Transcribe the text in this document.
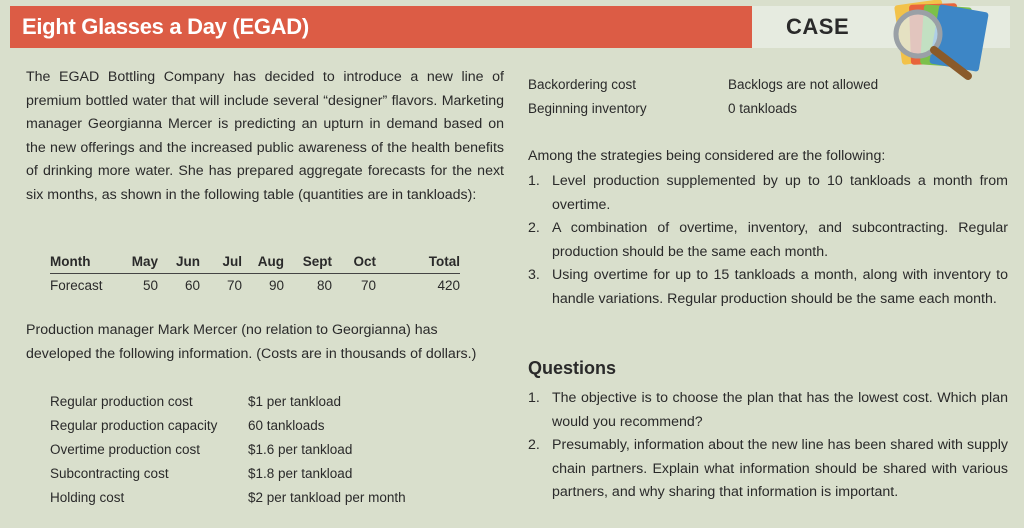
Eight Glasses a Day (EGAD)	CASE

The EGAD Bottling Company has decided to introduce a new line of premium bottled water that will include several “designer” flavors. Marketing manager Georgianna Mercer is predicting an upturn in demand based on the new offerings and the increased public awareness of the health benefits of drinking more water. She has prepared aggregate forecasts for the next six months, as shown in the following table (quantities are in tankloads):

Month	May	Jun	Jul	Aug	Sept	Oct	Total
Forecast	50	60	70	90	80	70	420

Production manager Mark Mercer (no relation to Georgianna) has developed the following information. (Costs are in thousands of dollars.)

Regular production cost	$1 per tankload
Regular production capacity	60 tankloads
Overtime production cost	$1.6 per tankload
Subcontracting cost	$1.8 per tankload
Holding cost	$2 per tankload per month
Backordering cost	Backlogs are not allowed
Beginning inventory	0 tankloads

Among the strategies being considered are the following:

1. Level production supplemented by up to 10 tankloads a month from overtime.
2. A combination of overtime, inventory, and subcontracting. Regular production should be the same each month.
3. Using overtime for up to 15 tankloads a month, along with inventory to handle variations. Regular production should be the same each month.
Questions
1. The objective is to choose the plan that has the lowest cost. Which plan would you recommend?
2. Presumably, information about the new line has been shared with supply chain partners. Explain what information should be shared with various partners, and why sharing that information is important.
